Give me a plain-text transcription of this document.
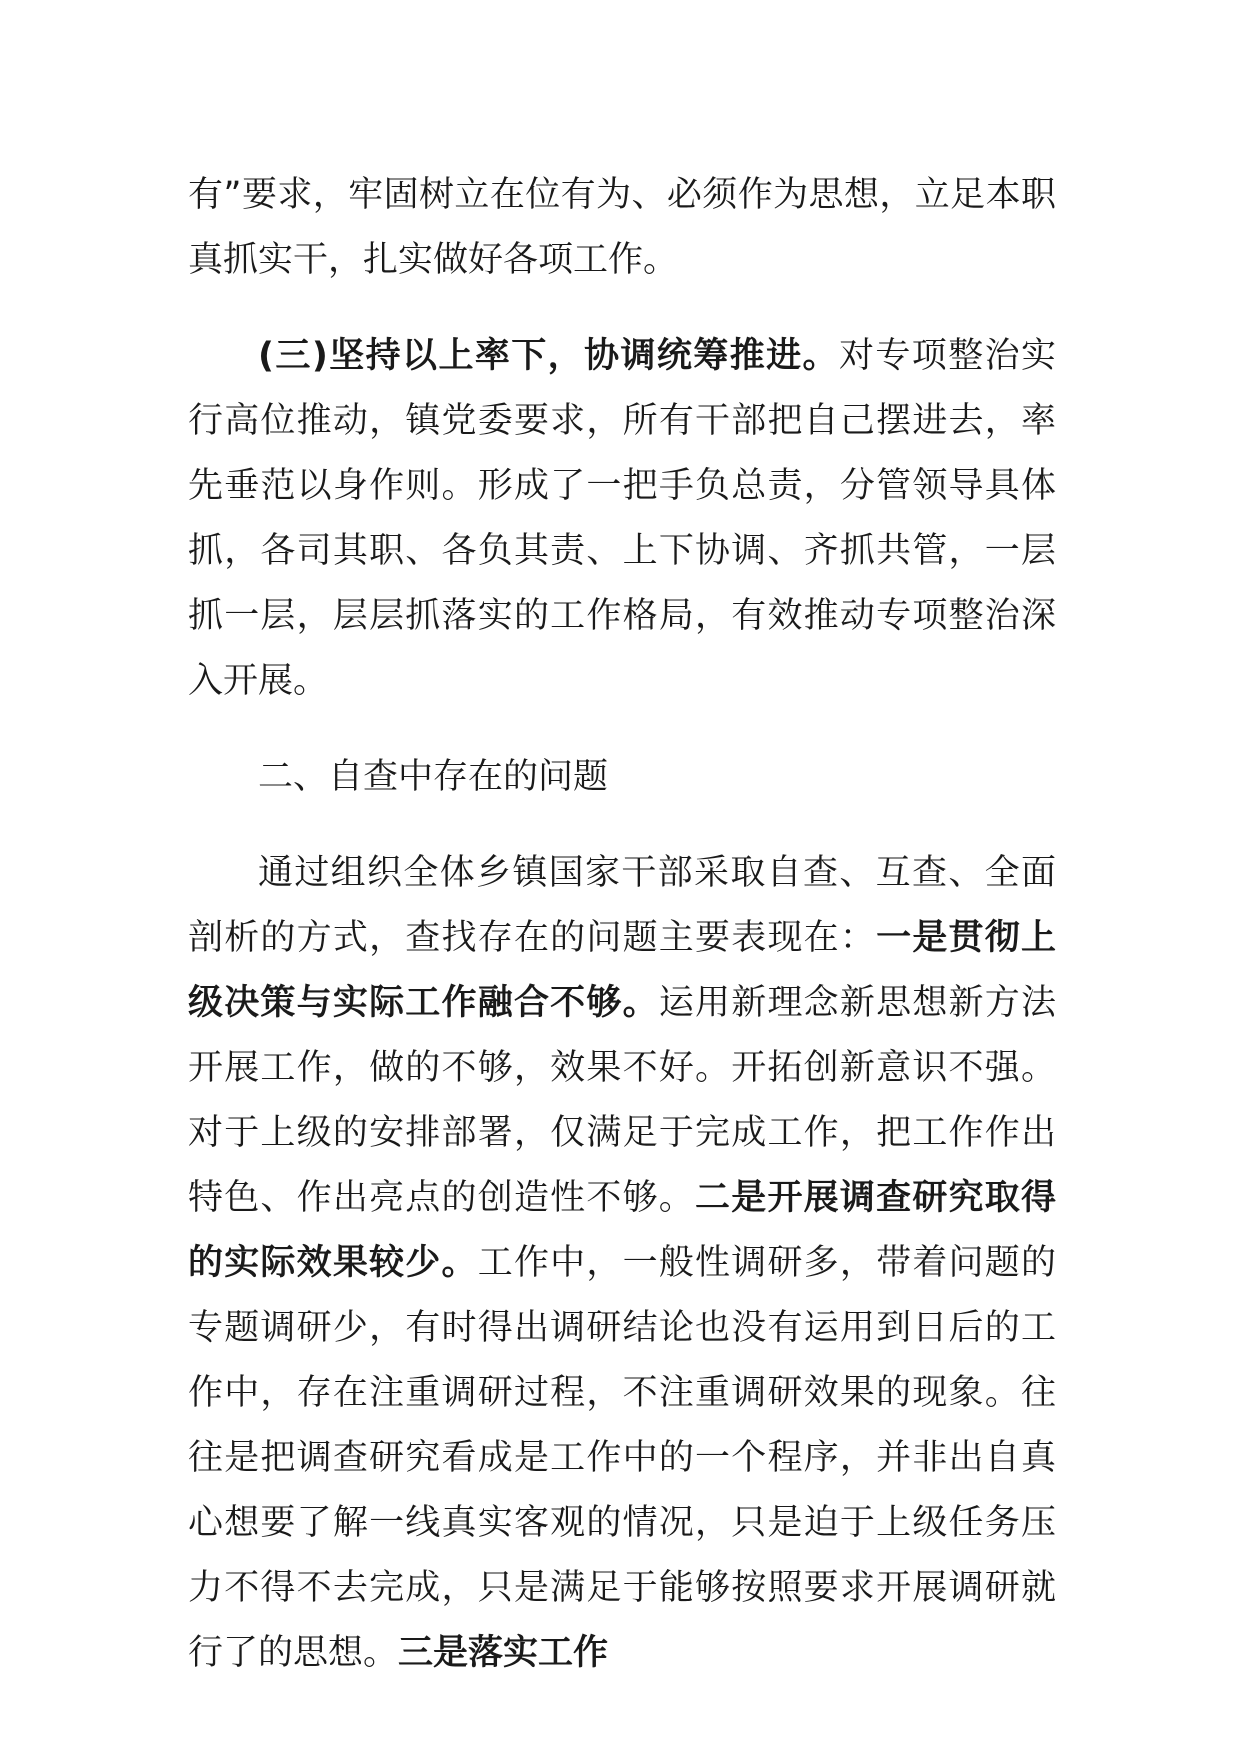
有”要求，牢固树立在位有为、必须作为思想，立足本职真抓实干，扎实做好各项工作。

(三)坚持以上率下，协调统筹推进。对专项整治实行高位推动，镇党委要求，所有干部把自己摆进去，率先垂范以身作则。形成了一把手负总责，分管领导具体抓，各司其职、各负其责、上下协调、齐抓共管，一层抓一层，层层抓落实的工作格局，有效推动专项整治深入开展。

二、自查中存在的问题

通过组织全体乡镇国家干部采取自查、互查、全面剖析的方式，查找存在的问题主要表现在：一是贯彻上级决策与实际工作融合不够。运用新理念新思想新方法开展工作，做的不够，效果不好。开拓创新意识不强。对于上级的安排部署，仅满足于完成工作，把工作作出特色、作出亮点的创造性不够。二是开展调查研究取得的实际效果较少。工作中，一般性调研多，带着问题的专题调研少，有时得出调研结论也没有运用到日后的工作中，存在注重调研过程，不注重调研效果的现象。往往是把调查研究看成是工作中的一个程序，并非出自真心想要了解一线真实客观的情况，只是迫于上级任务压力不得不去完成，只是满足于能够按照要求开展调研就行了的思想。三是落实工作
